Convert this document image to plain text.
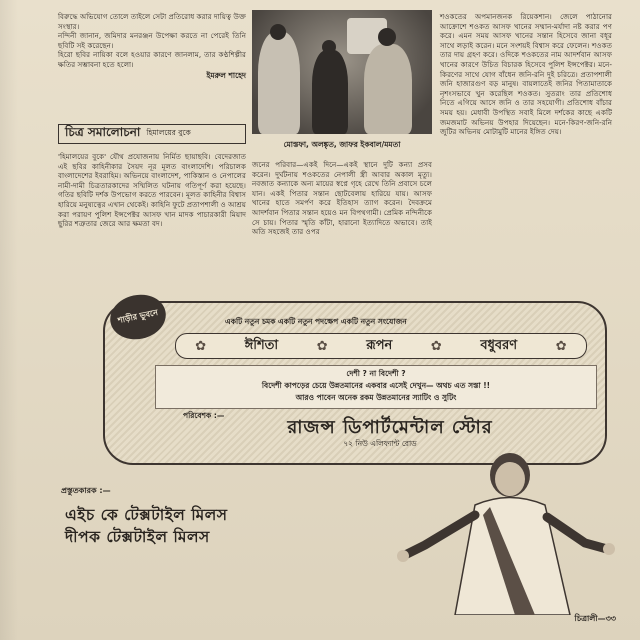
বিরুদ্ধে অভিযোগ তোলে তাইলে সেটা প্রতিরোধ করার দায়িত্ব উক্ত সংস্থার।

নন্দিনী জানান, জমিদার মনরঞ্জন উপেক্ষা করতে না পেরেই তিনি ছবিটি সই করেছেন।

হিরো ছবির নায়িকা বলে হওয়ার কারণে জানলাম, তার কণ্ঠশিল্পীর ক্ষতির সম্ভাবনা হতে হলো।

ইমরুল শাহেদ
চিত্র সমালোচনা হিমালয়ের বুকে

'হিমালয়ের বুকে' যৌথ প্রযোজনায় নির্মিত ছায়াছবি। বেদেরজাত এই ছবির কাহিনীকার সৈয়দ নূর মূলত বাংলাদেশি। পরিচালক বাংলাদেশের ইবরাহিম। অভিনয়ে বাংলাদেশ, পাকিস্তান ও নেপালের নামী-দামী চিত্রতারকাদের সম্মিলিত ঘটনায় গতিপূর্ণ করা হয়েছে। গতির ছবিটি দর্শক উপভোগ করতে পারবেন। মূলত কাহিনীর বিশ্বাস হারিয়ে মনুষ্যত্বের এখান থেকেই। কাহিনি ফুটে প্রতাপশালী ও আশ্রয় করা পরায়ণ পুলিশ ইন্সপেক্টর আসফ খান মাদক পাচারকারী মিয়াদ ছুরির শত্রুতার জেরে আর ক্ষমতা বদ।

মোস্তফা, অলঙ্কৃত, জাফর ইকবাল/মমতা

জনের পরিবার—একই দিনে—একই স্থানে দুটি কন্যা প্রসব করেন। দুর্ঘটনায় শওকতের নেপালী স্ত্রী আবার অকাল মৃত্যু। নবজাত কন্যাকে অন্য মায়ের স্বপ্নে গৃহে রেখে তিনি প্রবাসে চলে যান। একই পিতার সন্তান ছোটবেলায় হারিয়ে যায়। আসফ খানের হাতে সমর্পণ করে ইতিহাস ত্যাগ করেন। দৈবক্রমে আদর্শবান পিতার সন্তান হয়েও মন বিপথগামী। প্রেমিক নন্দিনীকে সে চায়। পিতার স্মৃতি কাঁটা, হারানো ইত্যাদিতে অভাবে। তাই অতি সহজেই তার ওপর

শওকতের অপমানজনক রিয়েকশান। জেলে পাঠানোর আক্রোশে শওকত আসফ খানের সম্মান-মর্যাদা নষ্ট করার পণ করে। এমন সময় আসফ খানের সন্তান হিসেবে জানা বধূর সাথে লড়াই করেন। মনে সংশয়ই বিশ্বাস করে ফেলেন। শওকত তার দায় গ্রহণ করে। ওদিকে শওকতের নাম আদর্শবান আসফ খানের কারণে উচিত বিচারক হিসেবে পুলিশ ইন্সপেক্টর। মনে-কিরণের সাথে যোগ বাঁধেন জনি-রনি দুই চরিত্রে। প্রতাপশালী জনি হাজারগুণ বড় মানুষ। বায়লাতেই জনির পিতামাতাকে নৃশংসভাবে খুন করেছিল শওকত। সুতরাং তার প্রতিশোধ নিতে এগিয়ে আসে জনি ও তার সহযোগী। প্রতিশোধ বাঁচার সময় হয়। মেধাবী উপস্থিত সবাই মিলে দর্শকের কাছে একটি জমজমাট অভিনয় উপহার দিয়েছেন। মনে-কিরণ-জনি-রনি জুটির অভিনয় মোটামুটি মানের ইঙ্গিত দেয়।

শাড়ীর ভুবনে	একটি নতুন চমক একটি নতুন পদক্ষেপ একটি নতুন সংযোজন
✿	ঈশিতা	✿	রূপন	✿	বধুবরণ	✿
দেশী ? না বিদেশী ?
বিদেশী কাপড়ের চেয়ে উন্নতমানের একবার এসেই দেখুন— অথচ এত সস্তা !!
আরও পাবেন অনেক রকম উন্নতমানের স্যাটিং ও সুটিং
পরিবেশক :—
রাজন্স ডিপার্টমেন্টাল স্টোর
৭২ নিউ এলিফ্যান্ট রোড
প্রস্তুতকারক :—
এইচ কে টেক্সটাইল মিলস
দীপক টেক্সটাইল মিলস
চিত্রালী—৩৩
